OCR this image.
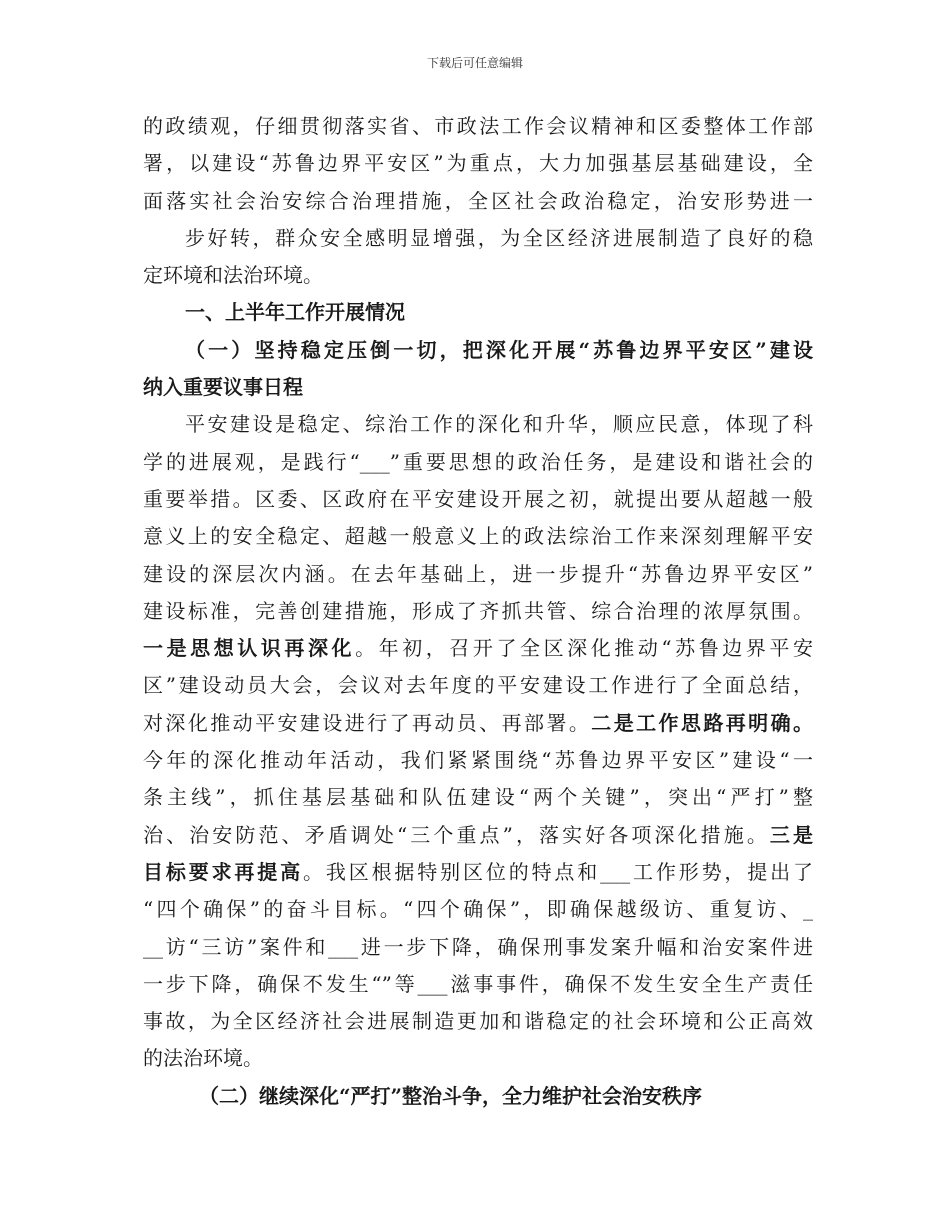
下载后可任意编辑
的政绩观，仔细贯彻落实省、市政法工作会议精神和区委整体工作部
署，以建设“苏鲁边界平安区”为重点，大力加强基层基础建设，全
面落实社会治安综合治理措施，全区社会政治稳定，治安形势进一
步好转，群众安全感明显增强，为全区经济进展制造了良好的稳
定环境和法治环境。
一、上半年工作开展情况
（一）坚持稳定压倒一切，把深化开展“苏鲁边界平安区”建设
纳入重要议事日程
平安建设是稳定、综治工作的深化和升华，顺应民意，体现了科
学的进展观，是践行“___”重要思想的政治任务，是建设和谐社会的
重要举措。区委、区政府在平安建设开展之初，就提出要从超越一般
意义上的安全稳定、超越一般意义上的政法综治工作来深刻理解平安
建设的深层次内涵。在去年基础上，进一步提升“苏鲁边界平安区”
建设标准，完善创建措施，形成了齐抓共管、综合治理的浓厚氛围。
一是思想认识再深化。年初，召开了全区深化推动“苏鲁边界平安
区”建设动员大会，会议对去年度的平安建设工作进行了全面总结，
对深化推动平安建设进行了再动员、再部署。二是工作思路再明确。
今年的深化推动年活动，我们紧紧围绕“苏鲁边界平安区”建设“一
条主线”，抓住基层基础和队伍建设“两个关键”，突出“严打”整
治、治安防范、矛盾调处“三个重点”，落实好各项深化措施。三是
目标要求再提高。我区根据特别区位的特点和___工作形势，提出了
“四个确保”的奋斗目标。“四个确保”，即确保越级访、重复访、_
__访“三访”案件和___进一步下降，确保刑事发案升幅和治安案件进
一步下降，确保不发生“”等___滋事事件，确保不发生安全生产责任
事故，为全区经济社会进展制造更加和谐稳定的社会环境和公正高效
的法治环境。
（二）继续深化“严打”整治斗争，全力维护社会治安秩序
